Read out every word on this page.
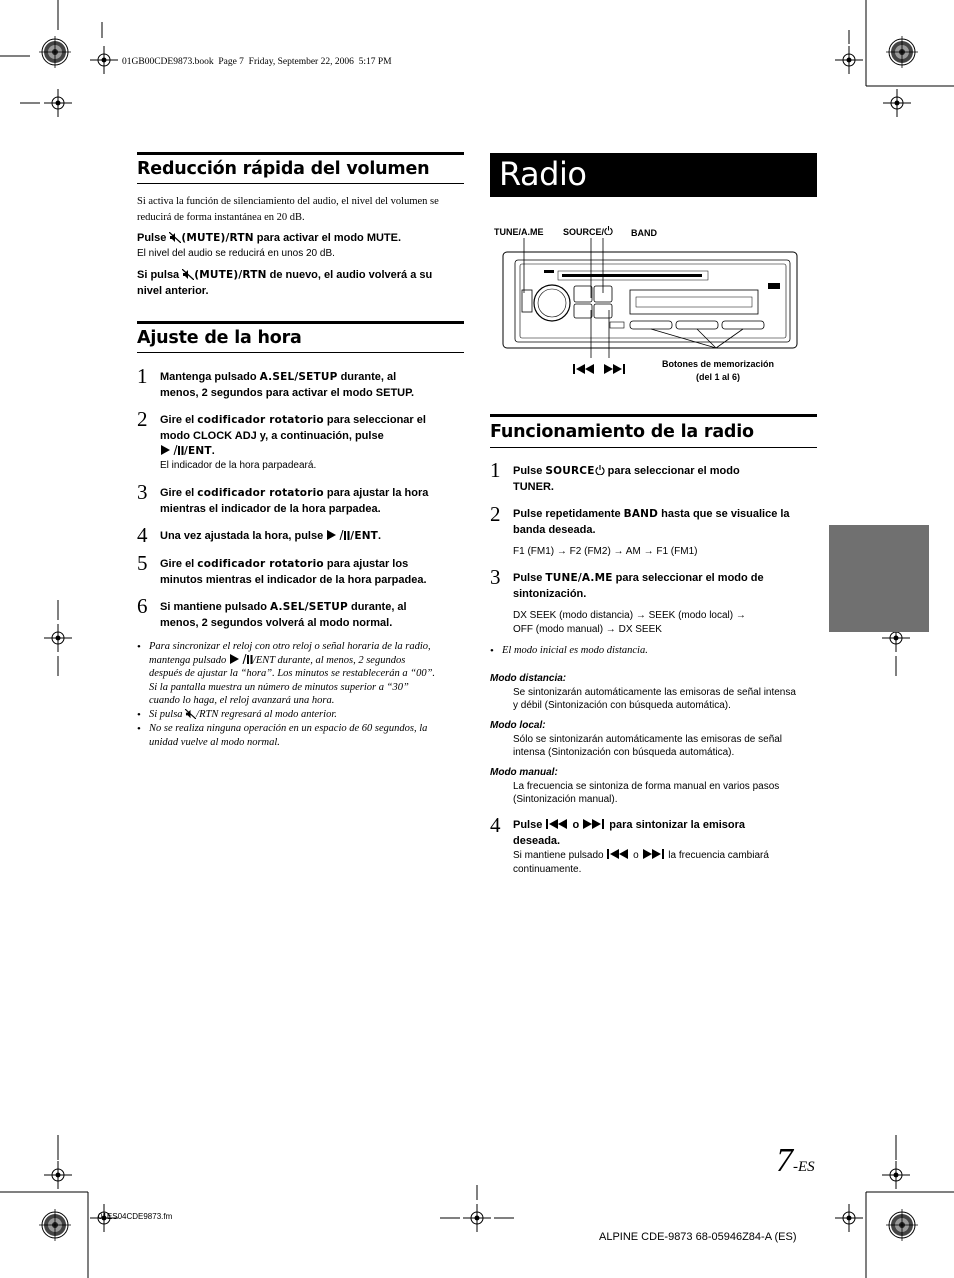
01GB00CDE9873.book  Page 7  Friday, September 22, 2006  5:17 PM
Reducción rápida del volumen
Si activa la función de silenciamiento del audio, el nivel del volumen se
reducirá de forma instantánea en 20 dB.
Pulse (MUTE)/RTN para activar el modo MUTE.
El nivel del audio se reducirá en unos 20 dB.
Si pulsa (MUTE)/RTN de nuevo, el audio volverá a su
nivel anterior.
Ajuste de la hora
1 Mantenga pulsado A.SEL/SETUP durante, al
menos, 2 segundos para activar el modo SETUP.
2 Gire el codificador rotatorio para seleccionar el
modo CLOCK ADJ y, a continuación, pulse
/ENT.
El indicador de la hora parpadeará.
3 Gire el codificador rotatorio para ajustar la hora
mientras el indicador de la hora parpadea.
4 Una vez ajustada la hora, pulse /ENT.
5 Gire el codificador rotatorio para ajustar los
minutos mientras el indicador de la hora parpadea.
6 Si mantiene pulsado A.SEL/SETUP durante, al
menos, 2 segundos volverá al modo normal.
• Para sincronizar el reloj con otro reloj o señal horaria de la radio,
mantenga pulsado /ENT durante, al menos, 2 segundos
después de ajustar la “hora”. Los minutos se restablecerán a “00”.
Si la pantalla muestra un número de minutos superior a “30”
cuando lo haga, el reloj avanzará una hora.
• Si pulsa /RTN regresará al modo anterior.
• No se realiza ninguna operación en un espacio de 60 segundos, la
unidad vuelve al modo normal.
Radio
TUNE/A.ME SOURCE/	BAND
Botones de memorización
(del 1 al 6)
Funcionamiento de la radio
1 Pulse SOURCE para seleccionar el modo
TUNER.
2 Pulse repetidamente BAND hasta que se visualice la
banda deseada.
F1 (FM1) → F2 (FM2) → AM → F1 (FM1)
3 Pulse TUNE/A.ME para seleccionar el modo de
sintonización.
DX SEEK (modo distancia) → SEEK (modo local) →
OFF (modo manual) → DX SEEK
• El modo inicial es modo distancia.
Modo distancia:
Se sintonizarán automáticamente las emisoras de señal intensa
y débil (Sintonización con búsqueda automática).
Modo local:
Sólo se sintonizarán automáticamente las emisoras de señal
intensa (Sintonización con búsqueda automática).
Modo manual:
La frecuencia se sintoniza de forma manual en varios pasos
(Sintonización manual).
4 Pulse  o  para sintonizar la emisora
deseada.
Si mantiene pulsado  o  la frecuencia cambiará
continuamente.
7-ES
01ES04CDE9873.fm
ALPINE CDE-9873 68-05946Z84-A (ES)
